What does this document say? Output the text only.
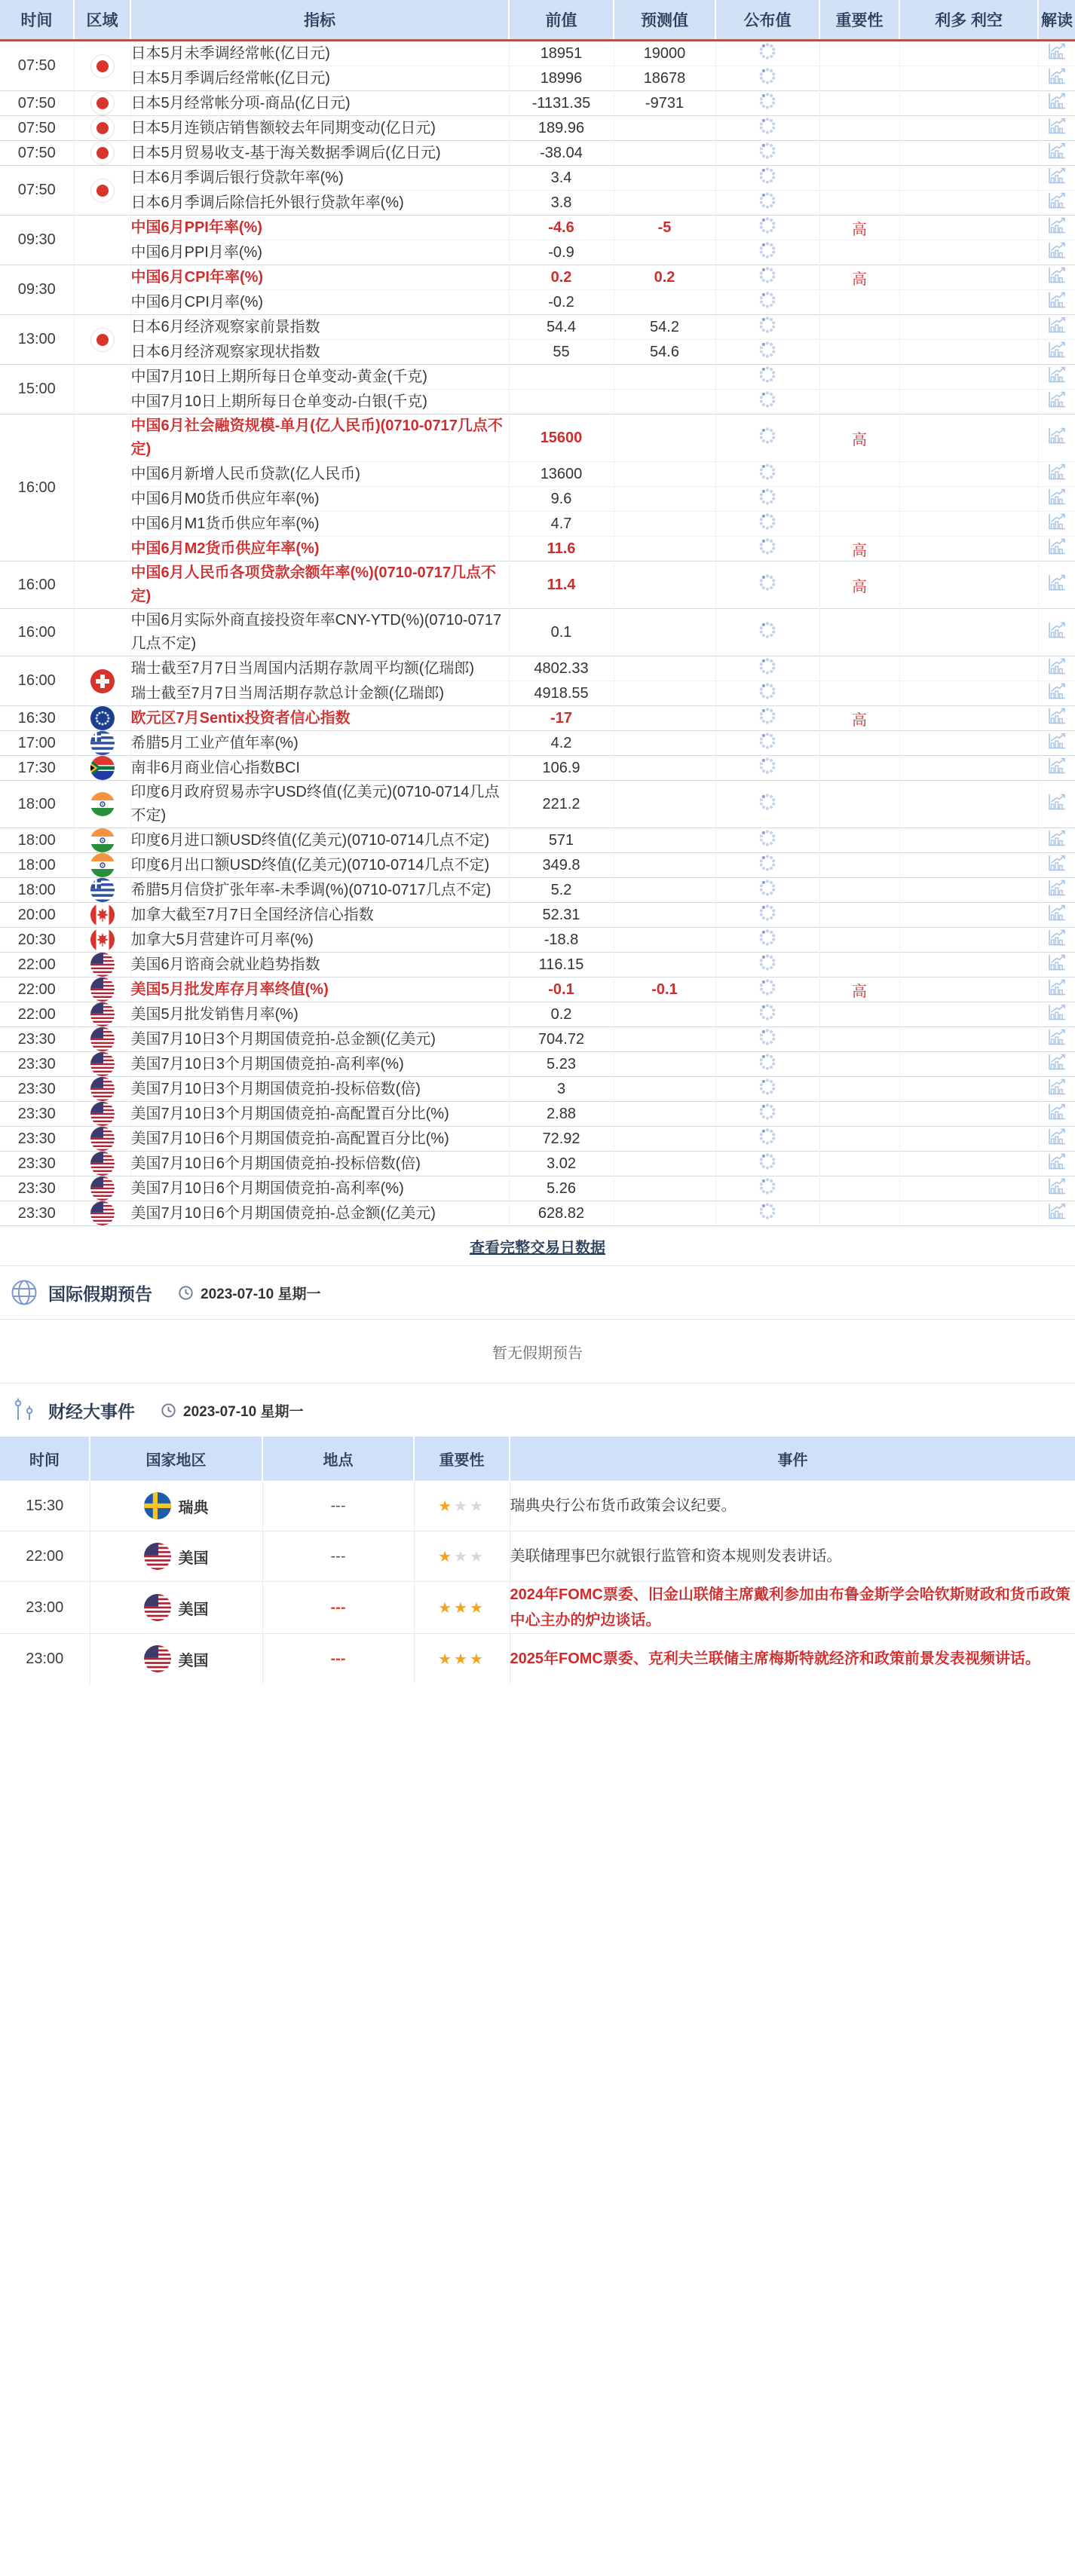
时间	区域	指标	前值	预测值	公布值	重要性	利多 利空	解读
07:50		日本5月未季调经常帐(亿日元)	18951	19000				
		日本5月季调后经常帐(亿日元)	18996	18678				
07:50		日本5月经常帐分项-商品(亿日元)	-1131.35	-9731				
07:50		日本5月连锁店销售额较去年同期变动(亿日元)	189.96					
07:50		日本5月贸易收支-基于海关数据季调后(亿日元)	-38.04					
07:50		日本6月季调后银行贷款年率(%)	3.4					
		日本6月季调后除信托外银行贷款年率(%)	3.8					
09:30		中国6月PPI年率(%)	-4.6	-5		高		
		中国6月PPI月率(%)	-0.9					
09:30		中国6月CPI年率(%)	0.2	0.2		高		
		中国6月CPI月率(%)	-0.2					
13:00		日本6月经济观察家前景指数	54.4	54.2				
		日本6月经济观察家现状指数	55	54.6				
15:00		中国7月10日上期所每日仓单变动-黄金(千克)						
		中国7月10日上期所每日仓单变动-白银(千克)						
16:00		中国6月社会融资规模-单月(亿人民币)(0710-0717几点不定)	15600			高		
		中国6月新增人民币贷款(亿人民币)	13600					
		中国6月M0货币供应年率(%)	9.6					
		中国6月M1货币供应年率(%)	4.7					
		中国6月M2货币供应年率(%)	11.6			高		
16:00		中国6月人民币各项贷款余额年率(%)(0710-0717几点不定)	11.4			高		
16:00		中国6月实际外商直接投资年率CNY-YTD(%)(0710-0717几点不定)	0.1					
16:00		瑞士截至7月7日当周国内活期存款周平均额(亿瑞郎)	4802.33					
		瑞士截至7月7日当周活期存款总计金额(亿瑞郎)	4918.55					
16:30		欧元区7月Sentix投资者信心指数	-17			高		
17:00		希腊5月工业产值年率(%)	4.2					
17:30		南非6月商业信心指数BCI	106.9					
18:00		印度6月政府贸易赤字USD终值(亿美元)(0710-0714几点不定)	221.2					
18:00		印度6月进口额USD终值(亿美元)(0710-0714几点不定)	571					
18:00		印度6月出口额USD终值(亿美元)(0710-0714几点不定)	349.8					
18:00		希腊5月信贷扩张年率-未季调(%)(0710-0717几点不定)	5.2					
20:00		加拿大截至7月7日全国经济信心指数	52.31					
20:30		加拿大5月营建许可月率(%)	-18.8					
22:00		美国6月谘商会就业趋势指数	116.15					
22:00		美国5月批发库存月率终值(%)	-0.1	-0.1		高		
22:00		美国5月批发销售月率(%)	0.2					
23:30		美国7月10日3个月期国债竞拍-总金额(亿美元)	704.72					
23:30		美国7月10日3个月期国债竞拍-高利率(%)	5.23					
23:30		美国7月10日3个月期国债竞拍-投标倍数(倍)	3					
23:30		美国7月10日3个月期国债竞拍-高配置百分比(%)	2.88					
23:30		美国7月10日6个月期国债竞拍-高配置百分比(%)	72.92					
23:30		美国7月10日6个月期国债竞拍-投标倍数(倍)	3.02					
23:30		美国7月10日6个月期国债竞拍-高利率(%)	5.26					
23:30		美国7月10日6个月期国债竞拍-总金额(亿美元)	628.82					
查看完整交易日数据
国际假期预告	2023-07-10 星期一
暂无假期预告
财经大事件	2023-07-10 星期一
时间	国家地区	地点	重要性	事件
15:30	瑞典	---	★★★	瑞典央行公布货币政策会议纪要。
22:00	美国	---	★★★	美联储理事巴尔就银行监管和资本规则发表讲话。
23:00	美国	---	★★★	2024年FOMC票委、旧金山联储主席戴利参加由布鲁金斯学会哈钦斯财政和货币政策中心主办的炉边谈话。
23:00	美国	---	★★★	2025年FOMC票委、克利夫兰联储主席梅斯特就经济和政策前景发表视频讲话。
